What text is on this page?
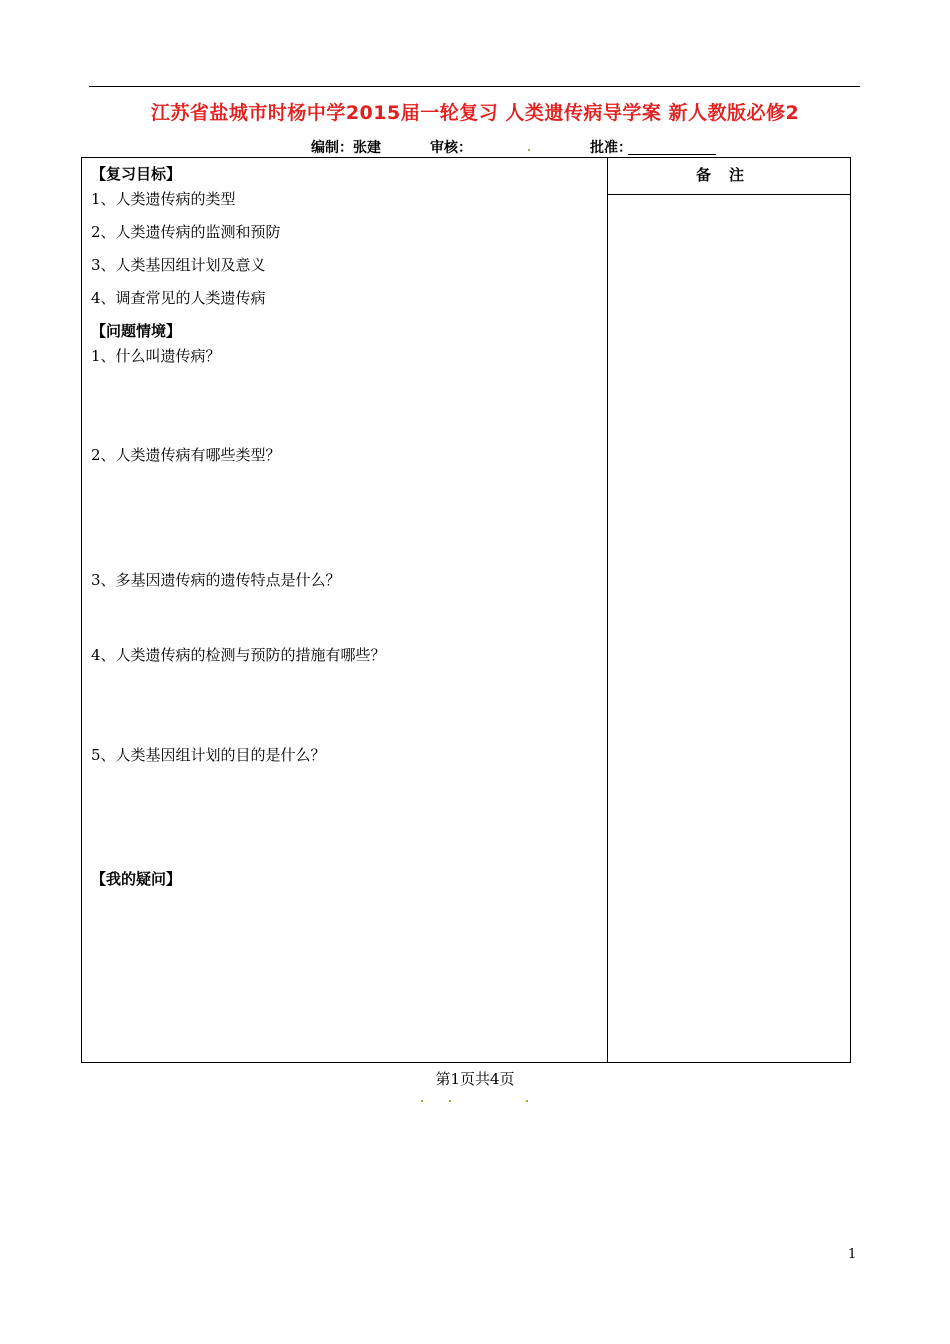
江苏省盐城市时杨中学2015届一轮复习 人类遗传病导学案 新人教版必修2
编制：张建	审核：	批准：
备注
【复习目标】
1、人类遗传病的类型
2、人类遗传病的监测和预防
3、人类基因组计划及意义
4、调查常见的人类遗传病
【问题情境】
1、什么叫遗传病？
2、人类遗传病有哪些类型？
3、多基因遗传病的遗传特点是什么？
4、人类遗传病的检测与预防的措施有哪些？
5、人类基因组计划的目的是什么？
【我的疑问】
第1页共4页
1
